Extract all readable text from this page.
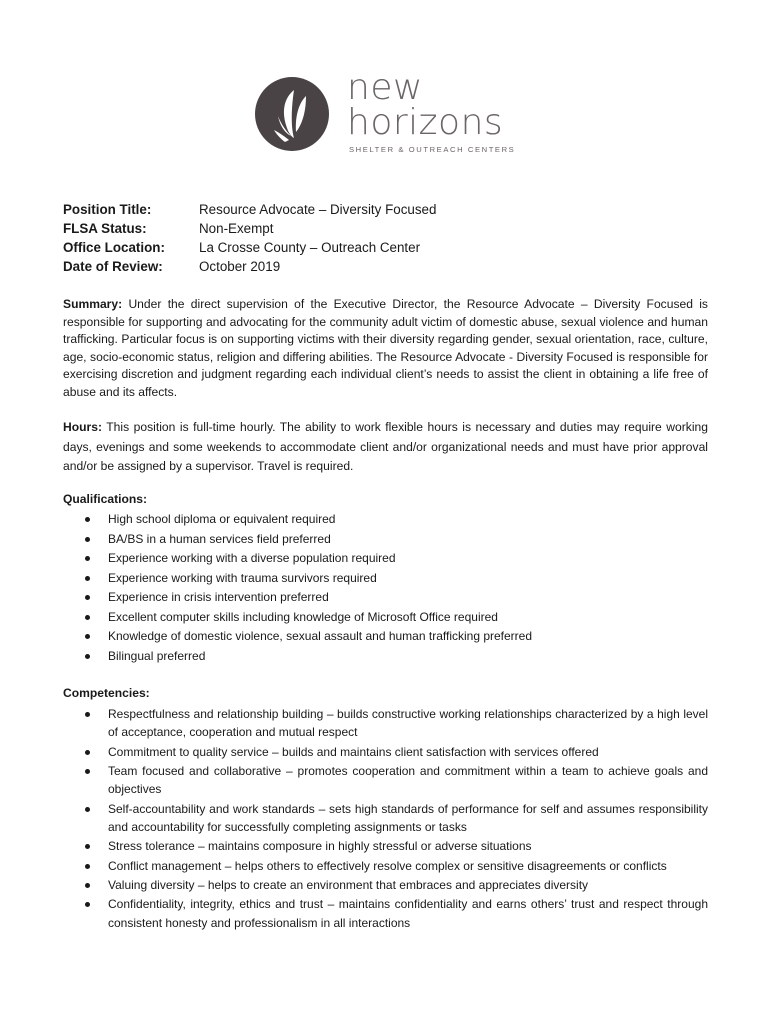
new
horizons
SHELTER & OUTREACH CENTERS
Position Title:	Resource Advocate – Diversity Focused
FLSA Status:	Non-Exempt
Office Location:	La Crosse County – Outreach Center
Date of Review:	October 2019
Summary: Under the direct supervision of the Executive Director, the Resource Advocate – Diversity Focused is responsible for supporting and advocating for the community adult victim of domestic abuse, sexual violence and human trafficking. Particular focus is on supporting victims with their diversity regarding gender, sexual orientation, race, culture, age, socio-economic status, religion and differing abilities. The Resource Advocate - Diversity Focused is responsible for exercising discretion and judgment regarding each individual client’s needs to assist the client in obtaining a life free of abuse and its affects.
Hours: This position is full-time hourly. The ability to work flexible hours is necessary and duties may require working days, evenings and some weekends to accommodate client and/or organizational needs and must have prior approval and/or be assigned by a supervisor. Travel is required.
Qualifications:
High school diploma or equivalent required
BA/BS in a human services field preferred
Experience working with a diverse population required
Experience working with trauma survivors required
Experience in crisis intervention preferred
Excellent computer skills including knowledge of Microsoft Office required
Knowledge of domestic violence, sexual assault and human trafficking preferred
Bilingual preferred
Competencies:
Respectfulness and relationship building – builds constructive working relationships characterized by a high level of acceptance, cooperation and mutual respect
Commitment to quality service – builds and maintains client satisfaction with services offered
Team focused and collaborative – promotes cooperation and commitment within a team to achieve goals and objectives
Self-accountability and work standards – sets high standards of performance for self and assumes responsibility and accountability for successfully completing assignments or tasks
Stress tolerance – maintains composure in highly stressful or adverse situations
Conflict management – helps others to effectively resolve complex or sensitive disagreements or conflicts
Valuing diversity – helps to create an environment that embraces and appreciates diversity
Confidentiality, integrity, ethics and trust – maintains confidentiality and earns others’ trust and respect through consistent honesty and professionalism in all interactions
